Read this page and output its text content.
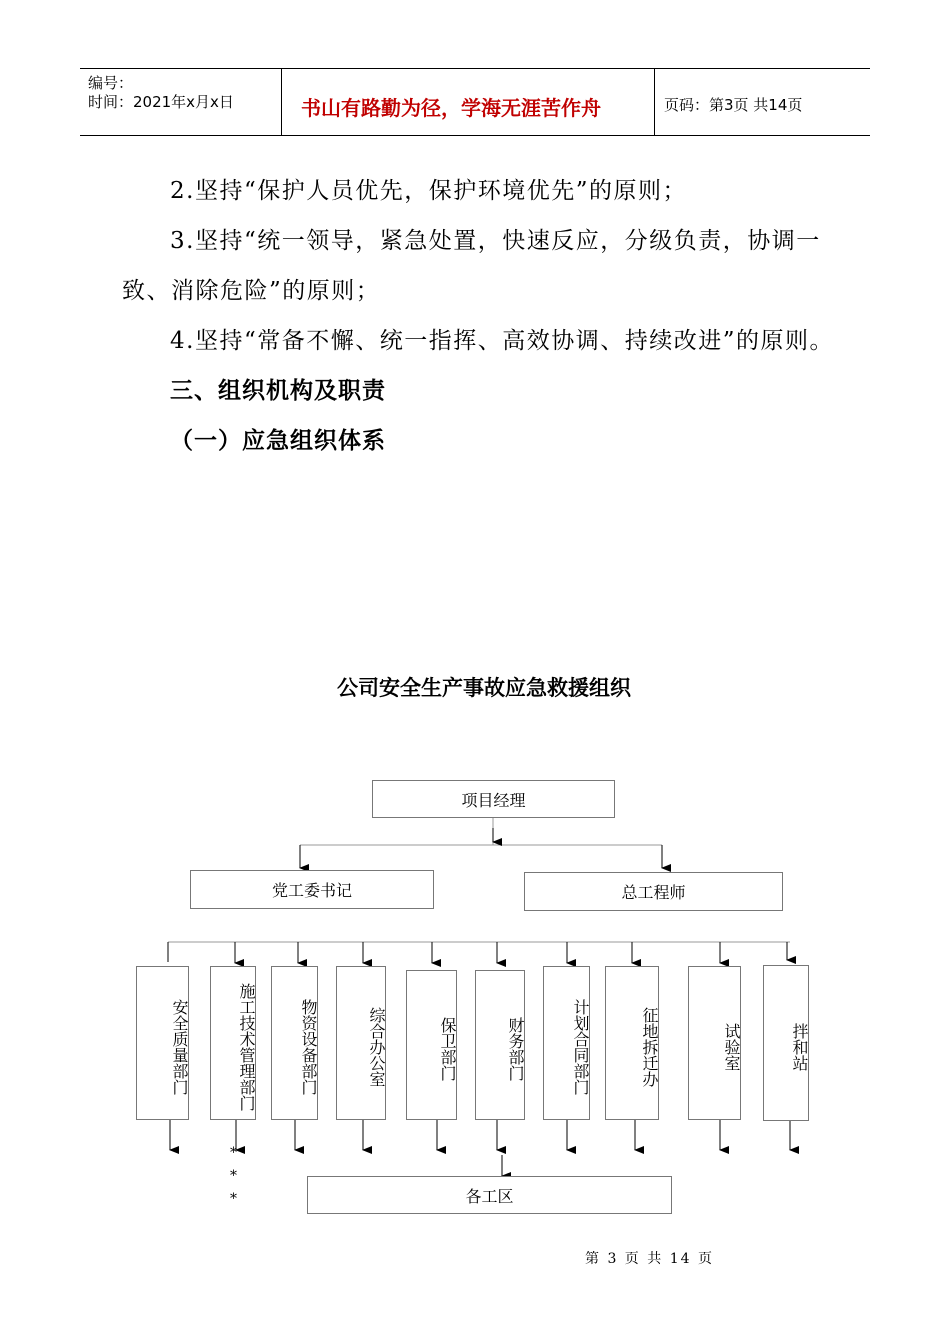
编号：
时间：2021年x月x日	书山有路勤为径，学海无涯苦作舟	页码：第3页 共14页
2.坚持“保护人员优先，保护环境优先”的原则；
3.坚持“统一领导，紧急处置，快速反应，分级负责，协调一
致、消除危险”的原则；
4.坚持“常备不懈、统一指挥、高效协调、持续改进”的原则。
三、组织机构及职责
（一）应急组织体系
公司安全生产事故应急救援组织
项目经理
党工委书记	总工程师
安全质量部门	施工技术管理部门	物资设备部门	综合办公室	保卫部门	财务部门	计划合同部门	征地拆迁办	试验室	拌和站
*
*
*	各工区
第 3 页 共 14 页
